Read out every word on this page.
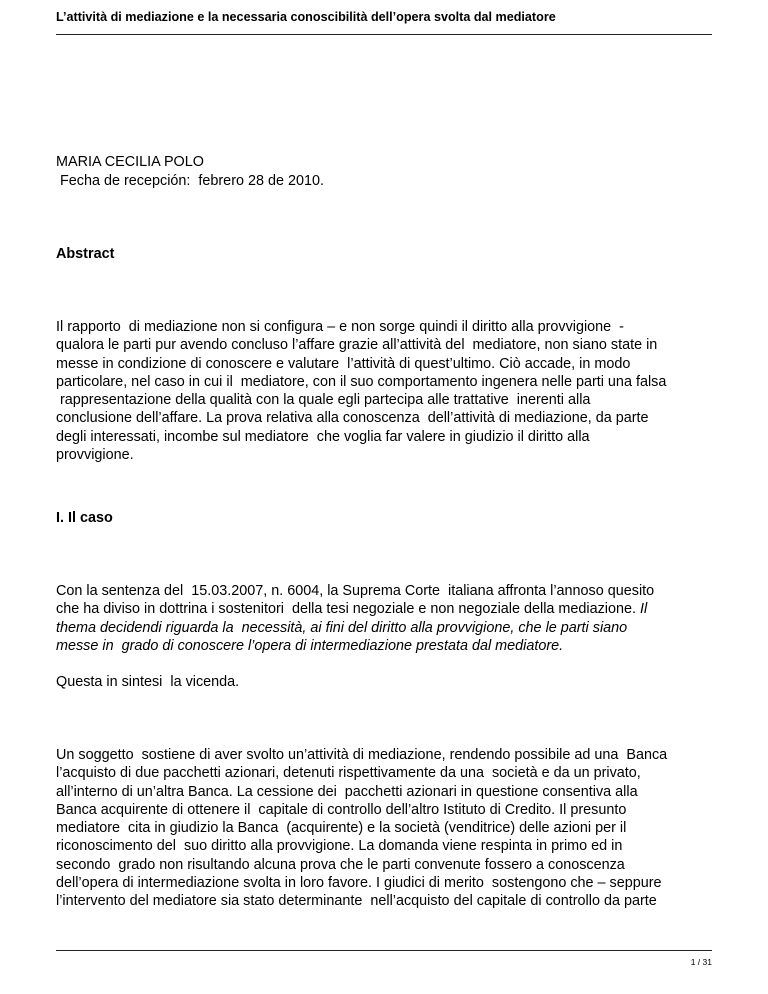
L’attività di mediazione e la necessaria conoscibilità dell’opera svolta dal mediatore

MARIA CECILIA POLO

Fecha de recepción:  febrero 28 de 2010.

Abstract

Il rapporto  di mediazione non si configura – e non sorge quindi il diritto alla provvigione  -
qualora le parti pur avendo concluso l’affare grazie all’attività del  mediatore, non siano state in
messe in condizione di conoscere e valutare  l’attività di quest’ultimo. Ciò accade, in modo
particolare, nel caso in cui il  mediatore, con il suo comportamento ingenera nelle parti una falsa
rappresentazione della qualità con la quale egli partecipa alle trattative  inerenti alla
conclusione dell’affare. La prova relativa alla conoscenza  dell’attività di mediazione, da parte
degli interessati, incombe sul mediatore  che voglia far valere in giudizio il diritto alla
provvigione.

I. Il caso

Con la sentenza del  15.03.2007, n. 6004, la Suprema Corte  italiana affronta l’annoso quesito
che ha diviso in dottrina i sostenitori  della tesi negoziale e non negoziale della mediazione. Il
thema decidendi riguarda la  necessità, ai fini del diritto alla provvigione, che le parti siano
messe in  grado di conoscere l’opera di intermediazione prestata dal mediatore.

Questa in sintesi  la vicenda.

Un soggetto  sostiene di aver svolto un’attività di mediazione, rendendo possibile ad una  Banca
l’acquisto di due pacchetti azionari, detenuti rispettivamente da una  società e da un privato,
all’interno di un’altra Banca. La cessione dei  pacchetti azionari in questione consentiva alla
Banca acquirente di ottenere il  capitale di controllo dell’altro Istituto di Credito. Il presunto
mediatore  cita in giudizio la Banca  (acquirente) e la società (venditrice) delle azioni per il
riconoscimento del  suo diritto alla provvigione. La domanda viene respinta in primo ed in
secondo  grado non risultando alcuna prova che le parti convenute fossero a conoscenza
dell’opera di intermediazione svolta in loro favore. I giudici di merito  sostengono che – seppure
l’intervento del mediatore sia stato determinante  nell’acquisto del capitale di controllo da parte
1 / 31
